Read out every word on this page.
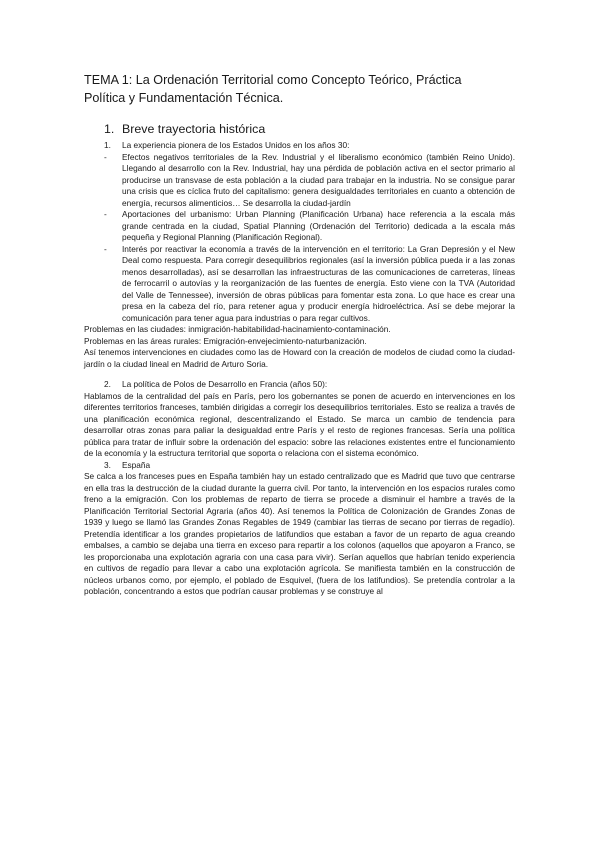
TEMA 1: La Ordenación Territorial como Concepto Teórico, Práctica Política y Fundamentación Técnica.
1. Breve trayectoria histórica
1.	La experiencia pionera de los Estados Unidos en los años 30:
-	Efectos negativos territoriales de la Rev. Industrial y el liberalismo económico (también Reino Unido). Llegando al desarrollo con la Rev. Industrial, hay una pérdida de población activa en el sector primario al producirse un transvase de esta población a la ciudad para trabajar en la industria. No se consigue parar una crisis que es cíclica fruto del capitalismo: genera desigualdades territoriales en cuanto a obtención de energía, recursos alimenticios… Se desarrolla la ciudad-jardín
-	Aportaciones del urbanismo: Urban Planning (Planificación Urbana) hace referencia a la escala más grande centrada en la ciudad, Spatial Planning (Ordenación del Territorio) dedicada a la escala más pequeña y Regional Planning (Planificación Regional).
-	Interés por reactivar la economía a través de la intervención en el territorio: La Gran Depresión y el New Deal como respuesta. Para corregir desequilibrios regionales (así la inversión pública pueda ir a las zonas menos desarrolladas), así se desarrollan las infraestructuras de las comunicaciones de carreteras, líneas de ferrocarril o autovías y la reorganización de las fuentes de energía. Esto viene con la TVA (Autoridad del Valle de Tennessee), inversión de obras públicas para fomentar esta zona. Lo que hace es crear una presa en la cabeza del río, para retener agua y producir energía hidroeléctrica. Así se debe mejorar la comunicación para tener agua para industrias o para regar cultivos.

Problemas en las ciudades: inmigración-habitabilidad-hacinamiento-contaminación.

Problemas en las áreas rurales: Emigración-envejecimiento-naturbanización.

Así tenemos intervenciones en ciudades como las de Howard con la creación de modelos de ciudad como la ciudad-jardín o la ciudad lineal en Madrid de Arturo Soria.

2.	La política de Polos de Desarrollo en Francia (años 50):

Hablamos de la centralidad del país en París, pero los gobernantes se ponen de acuerdo en intervenciones en los diferentes territorios franceses, también dirigidas a corregir los desequilibrios territoriales. Esto se realiza a través de una planificación económica regional, descentralizando el Estado. Se marca un cambio de tendencia para desarrollar otras zonas para paliar la desigualdad entre París y el resto de regiones francesas. Sería una política pública para tratar de influir sobre la ordenación del espacio: sobre las relaciones existentes entre el funcionamiento de la economía y la estructura territorial que soporta o relaciona con el sistema económico.

3.	España

Se calca a los franceses pues en España también hay un estado centralizado que es Madrid que tuvo que centrarse en ella tras la destrucción de la ciudad durante la guerra civil. Por tanto, la intervención en los espacios rurales como freno a la emigración. Con los problemas de reparto de tierra se procede a disminuir el hambre a través de la Planificación Territorial Sectorial Agraria (años 40). Así tenemos la Política de Colonización de Grandes Zonas de 1939 y luego se llamó las Grandes Zonas Regables de 1949 (cambiar las tierras de secano por tierras de regadío). Pretendía identificar a los grandes propietarios de latifundios que estaban a favor de un reparto de agua creando embalses, a cambio se dejaba una tierra en exceso para repartir a los colonos (aquellos que apoyaron a Franco, se les proporcionaba una explotación agraria con una casa para vivir). Serían aquellos que habrían tenido experiencia en cultivos de regadío para llevar a cabo una explotación agrícola. Se manifiesta también en la construcción de núcleos urbanos como, por ejemplo, el poblado de Esquivel, (fuera de los latifundios). Se pretendía controlar a la población, concentrando a estos que podrían causar problemas y se construye al
